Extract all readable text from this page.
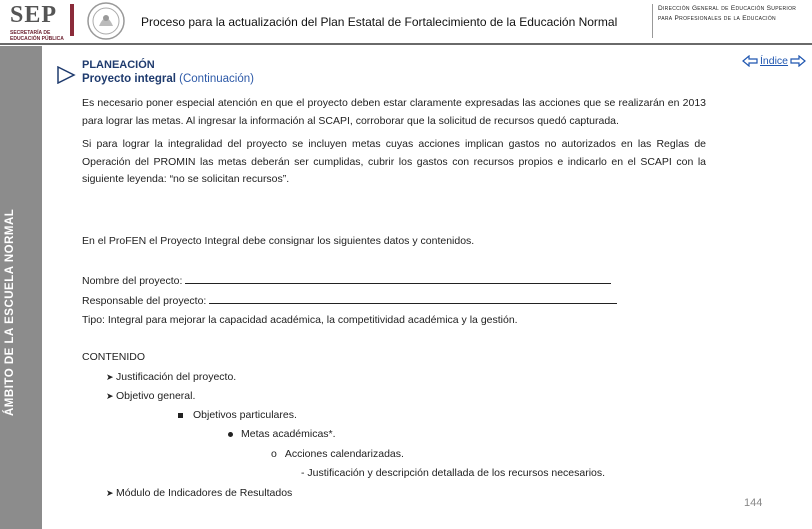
SEP
SECRETARÍA DE
EDUCACIÓN PÚBLICA
Proceso para la actualización del Plan Estatal de Fortalecimiento de la Educación Normal
Dirección General de Educación Superior para Profesionales de la Educación
ÁMBITO DE LA ESCUELA NORMAL
PLANEACIÓN
Proyecto integral (Continuación)
Índice

Es necesario poner especial atención en que el proyecto deben estar claramente expresadas las acciones que se realizarán en 2013 para lograr las metas. Al ingresar la información al SCAPI, corroborar que la solicitud de recursos quedó capturada.

Si para lograr la integralidad del proyecto se incluyen metas cuyas acciones implican gastos no autorizados en las Reglas de Operación del PROMIN las metas deberán ser cumplidas, cubrir los gastos con recursos propios e indicarlo en el SCAPI con la siguiente leyenda: “no se solicitan recursos”.

En el ProFEN el Proyecto Integral debe consignar los siguientes datos y contenidos.
Nombre del proyecto:
Responsable del proyecto:
Tipo: Integral para mejorar la capacidad académica, la competitividad académica y la gestión.
CONTENIDO
➤ Justificación del proyecto.
➤ Objetivo general.
Objetivos particulares.
Metas académicas*.
o Acciones calendarizadas.
- Justificación y descripción detallada de los recursos necesarios.
➤ Módulo de Indicadores de Resultados
144
